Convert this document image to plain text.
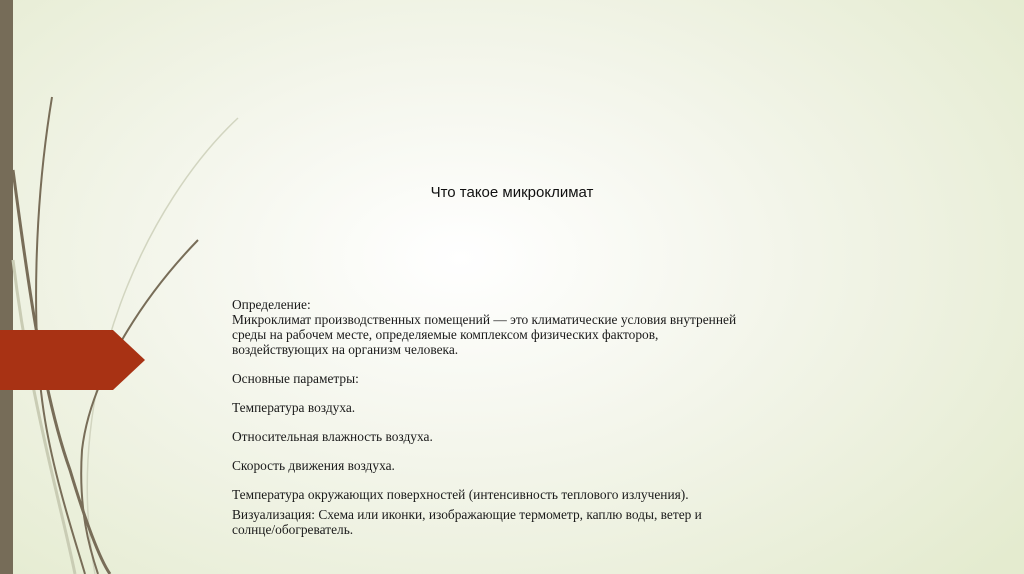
Что такое микроклимат

Определение:

Микроклимат производственных помещений — это климатические условия внутренней

среды на рабочем месте, определяемые комплексом физических факторов,

воздействующих на организм человека.

Основные параметры:

Температура воздуха.

Относительная влажность воздуха.

Скорость движения воздуха.

Температура окружающих поверхностей (интенсивность теплового излучения).

Визуализация: Схема или иконки, изображающие термометр, каплю воды, ветер и

солнце/обогреватель.
